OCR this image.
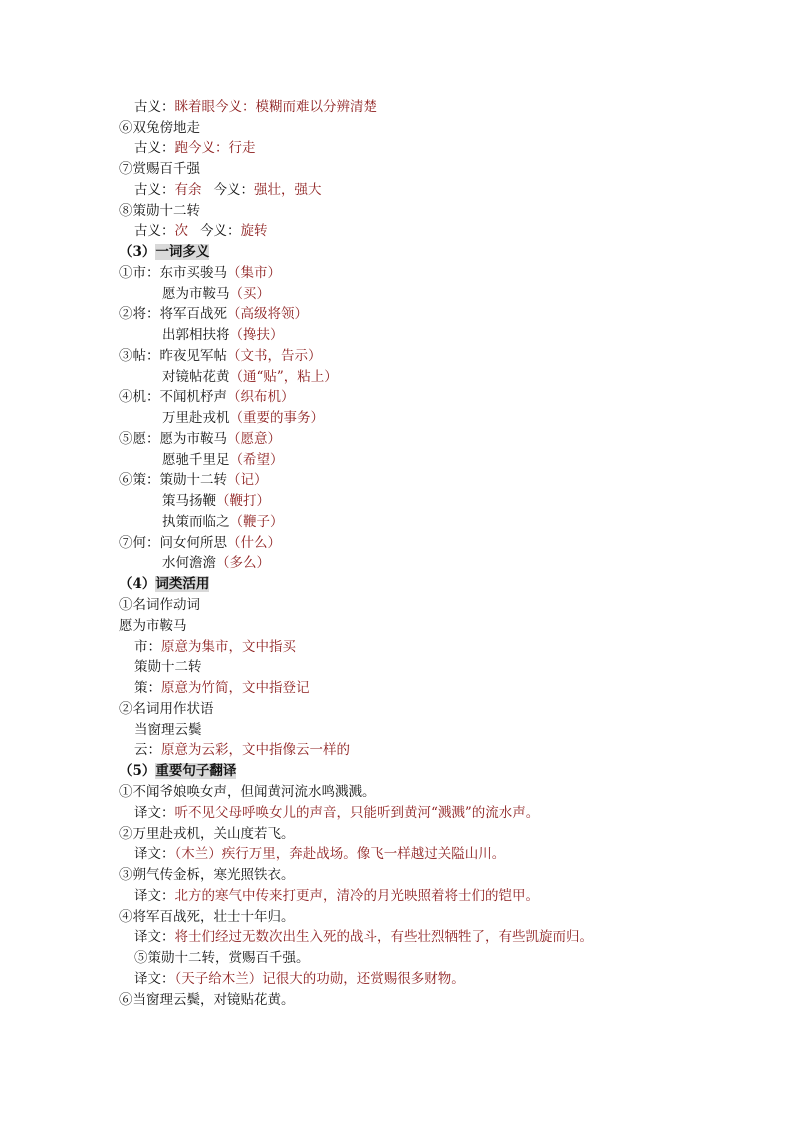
古义：眯着眼今义：模糊而难以分辨清楚
⑥双兔傍地走
古义：跑今义：行走
⑦赏赐百千强
古义：有余 今义：强壮，强大
⑧策勋十二转
古义：次 今义：旋转
（3）一词多义
①市：东市买骏马（集市）
愿为市鞍马（买）
②将：将军百战死（高级将领）
出郭相扶将（搀扶）
③帖：昨夜见军帖（文书，告示）
对镜帖花黄（通“贴”，粘上）
④机：不闻机杼声（织布机）
万里赴戎机（重要的事务）
⑤愿：愿为市鞍马（愿意）
愿驰千里足（希望）
⑥策：策勋十二转（记）
策马扬鞭（鞭打）
执策而临之（鞭子）
⑦何：问女何所思（什么）
水何澹澹（多么）
（4）词类活用
①名词作动词
愿为市鞍马
市：原意为集市，文中指买
策勋十二转
策：原意为竹简，文中指登记
②名词用作状语
当窗理云鬓
云：原意为云彩，文中指像云一样的
（5）重要句子翻译
①不闻爷娘唤女声，但闻黄河流水鸣溅溅。
译文：听不见父母呼唤女儿的声音，只能听到黄河“溅溅”的流水声。
②万里赴戎机，关山度若飞。
译文：（木兰）疾行万里，奔赴战场。像飞一样越过关隘山川。
③朔气传金柝，寒光照铁衣。
译文：北方的寒气中传来打更声，清冷的月光映照着将士们的铠甲。
④将军百战死，壮士十年归。
译文：将士们经过无数次出生入死的战斗，有些壮烈牺牲了，有些凯旋而归。
⑤策勋十二转，赏赐百千强。
译文：（天子给木兰）记很大的功勋，还赏赐很多财物。
⑥当窗理云鬓，对镜贴花黄。
